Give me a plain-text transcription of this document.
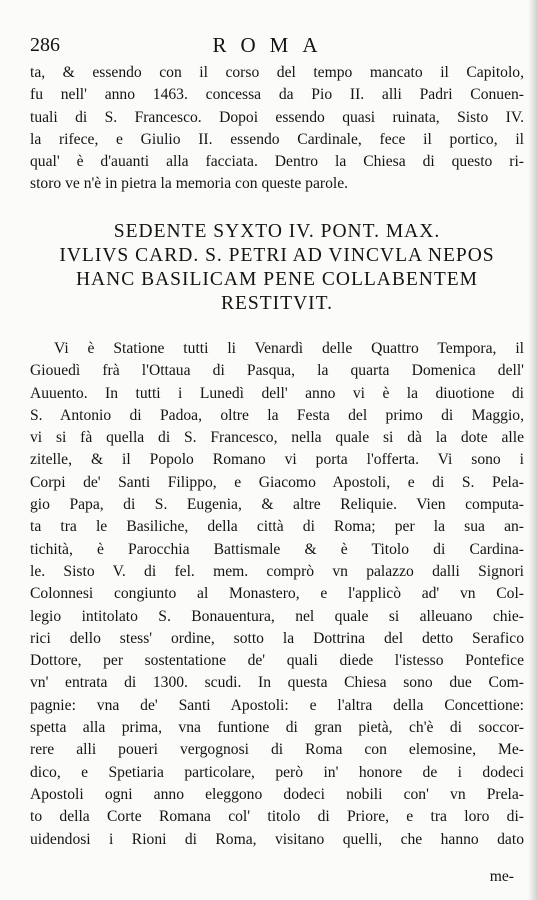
286	ROMA
ta, & essendo con il corso del tempo mancato il Capitolo,
fu nell' anno 1463. concessa da Pio II. alli Padri Conuen-
tuali di S. Francesco. Dopoi essendo quasi ruinata, Sisto IV.
la rifece, e Giulio II. essendo Cardinale, fece il portico, il
qual' è d'auanti alla facciata. Dentro la Chiesa di questo ri-
storo ve n'è in pietra la memoria con queste parole.
SEDENTE SYXTO IV. PONT. MAX.
IVLIVS CARD. S. PETRI AD VINCVLA NEPOS
HANC BASILICAM PENE COLLABENTEM
RESTITVIT.
Vi è Statione tutti li Venardì delle Quattro Tempora, il
Giouedì frà l'Ottaua di Pasqua, la quarta Domenica dell'
Auuento. In tutti i Lunedì dell' anno vi è la diuotione di
S. Antonio di Padoa, oltre la Festa del primo di Maggio,
vi si fà quella di S. Francesco, nella quale si dà la dote alle
zitelle, & il Popolo Romano vi porta l'offerta. Vi sono i
Corpi de' Santi Filippo, e Giacomo Apostoli, e di S. Pela-
gio Papa, di S. Eugenia, & altre Reliquie. Vien computa-
ta tra le Basiliche, della città di Roma; per la sua an-
tichità, è Parocchia Battismale & è Titolo di Cardina-
le. Sisto V. di fel. mem. comprò vn palazzo dalli Signori
Colonnesi congiunto al Monastero, e l'applicò ad' vn Col-
legio intitolato S. Bonauentura, nel quale si alleuano chie-
rici dello stess' ordine, sotto la Dottrina del detto Serafico
Dottore, per sostentatione de' quali diede l'istesso Pontefice
vn' entrata di 1300. scudi. In questa Chiesa sono due Com-
pagnie: vna de' Santi Apostoli: e l'altra della Concettione:
spetta alla prima, vna funtione di gran pietà, ch'è di soccor-
rere alli poueri vergognosi di Roma con elemosine, Me-
dico, e Spetiaria particolare, però in' honore de i dodeci
Apostoli ogni anno eleggono dodeci nobili con' vn Prela-
to della Corte Romana col' titolo di Priore, e tra loro di-
uidendosi i Rioni di Roma, visitano quelli, che hanno dato
me-
